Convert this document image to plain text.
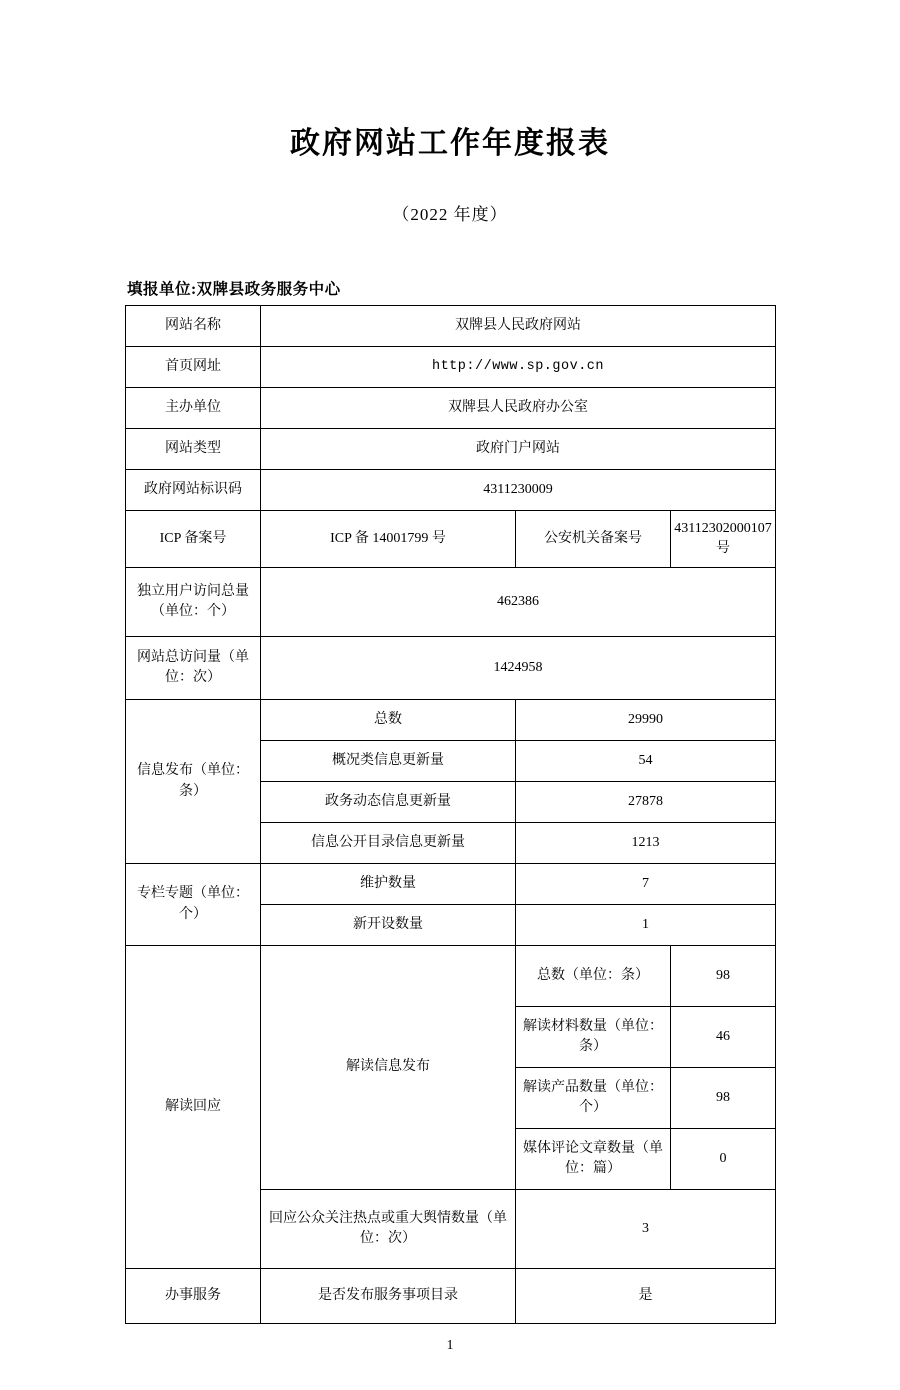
政府网站工作年度报表
（2022 年度）
填报单位:双牌县政务服务中心
网站名称	双牌县人民政府网站		
首页网址	http://www.sp.gov.cn		
主办单位	双牌县人民政府办公室		
网站类型	政府门户网站		
政府网站标识码	4311230009		
ICP 备案号	ICP 备 14001799 号	公安机关备案号	43112302000107 号
独立用户访问总量（单位：个）	462386		
网站总访问量（单位：次）	1424958		
信息发布（单位：条）	总数	29990	
	概况类信息更新量	54	
	政务动态信息更新量	27878	
	信息公开目录信息更新量	1213	
专栏专题（单位：个）	维护数量	7	
	新开设数量	1	
解读回应	解读信息发布	总数（单位：条）	98
		解读材料数量（单位：条）	46
		解读产品数量（单位：个）	98
		媒体评论文章数量（单位：篇）	0
	回应公众关注热点或重大舆情数量（单位：次）	3	
办事服务	是否发布服务事项目录	是	
1
